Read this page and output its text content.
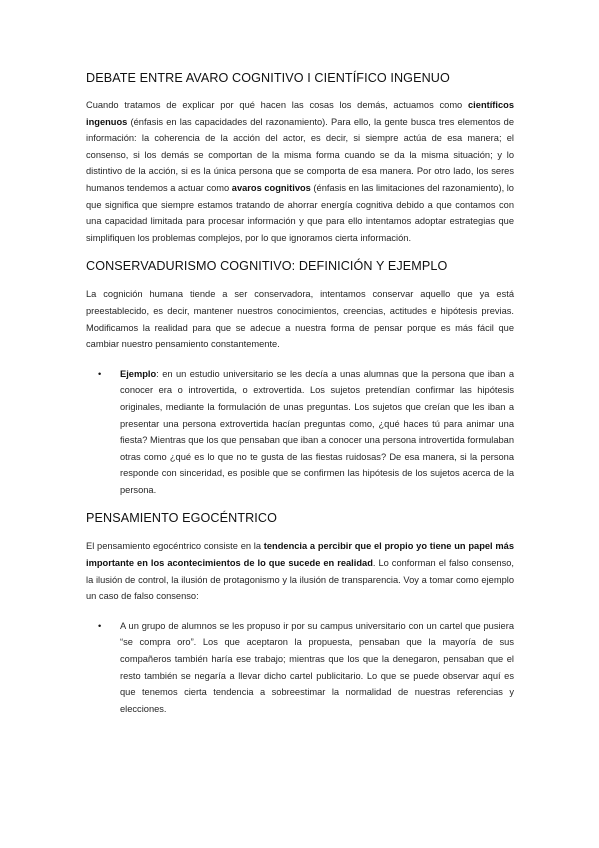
DEBATE ENTRE AVARO COGNITIVO I CIENTÍFICO INGENUO

Cuando tratamos de explicar por qué hacen las cosas los demás, actuamos como científicos ingenuos (énfasis en las capacidades del razonamiento). Para ello, la gente busca tres elementos de información: la coherencia de la acción del actor, es decir, si siempre actúa de esa manera; el consenso, si los demás se comportan de la misma forma cuando se da la misma situación; y lo distintivo de la acción, si es la única persona que se comporta de esa manera. Por otro lado, los seres humanos tendemos a actuar como avaros cognitivos (énfasis en las limitaciones del razonamiento), lo que significa que siempre estamos tratando de ahorrar energía cognitiva debido a que contamos con una capacidad limitada para procesar información y que para ello intentamos adoptar estrategias que simplifiquen los problemas complejos, por lo que ignoramos cierta información.

CONSERVADURISMO COGNITIVO: DEFINICIÓN Y EJEMPLO

La cognición humana tiende a ser conservadora, intentamos conservar aquello que ya está preestablecido, es decir, mantener nuestros conocimientos, creencias, actitudes e hipótesis previas. Modificamos la realidad para que se adecue a nuestra forma de pensar porque es más fácil que cambiar nuestro pensamiento constantemente.

• Ejemplo: en un estudio universitario se les decía a unas alumnas que la persona que iban a conocer era o introvertida, o extrovertida. Los sujetos pretendían confirmar las hipótesis originales, mediante la formulación de unas preguntas. Los sujetos que creían que les iban a presentar una persona extrovertida hacían preguntas como, ¿qué haces tú para animar una fiesta? Mientras que los que pensaban que iban a conocer una persona introvertida formulaban otras como ¿qué es lo que no te gusta de las fiestas ruidosas? De esa manera, si la persona responde con sinceridad, es posible que se confirmen las hipótesis de los sujetos acerca de la persona.

PENSAMIENTO EGOCÉNTRICO

El pensamiento egocéntrico consiste en la tendencia a percibir que el propio yo tiene un papel más importante en los acontecimientos de lo que sucede en realidad. Lo conforman el falso consenso, la ilusión de control, la ilusión de protagonismo y la ilusión de transparencia. Voy a tomar como ejemplo un caso de falso consenso:

• A un grupo de alumnos se les propuso ir por su campus universitario con un cartel que pusiera “se compra oro”. Los que aceptaron la propuesta, pensaban que la mayoría de sus compañeros también haría ese trabajo; mientras que los que la denegaron, pensaban que el resto también se negaría a llevar dicho cartel publicitario. Lo que se puede observar aquí es que tenemos cierta tendencia a sobreestimar la normalidad de nuestras referencias y elecciones.
